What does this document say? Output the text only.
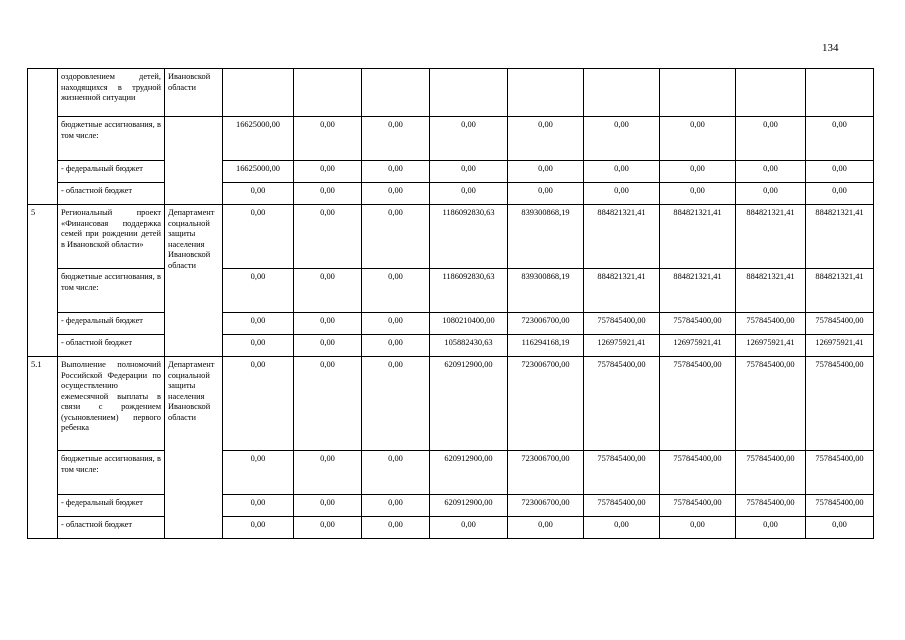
134
	оздоровлением детей, находящихся в трудной жизненной ситуации	Ивановской области									
	бюджетные ассигнования, в том числе:		16625000,00	0,00	0,00	0,00	0,00	0,00	0,00	0,00	0,00
	- федеральный бюджет		16625000,00	0,00	0,00	0,00	0,00	0,00	0,00	0,00	0,00
	- областной бюджет		0,00	0,00	0,00	0,00	0,00	0,00	0,00	0,00	0,00
5	Региональный проект «Финансовая поддержка семей при рождении детей в Ивановской области»	Департамент социальной защиты населения Ивановской области	0,00	0,00	0,00	1186092830,63	839300868,19	884821321,41	884821321,41	884821321,41	884821321,41
	бюджетные ассигнования, в том числе:		0,00	0,00	0,00	1186092830,63	839300868,19	884821321,41	884821321,41	884821321,41	884821321,41
	- федеральный бюджет		0,00	0,00	0,00	1080210400,00	723006700,00	757845400,00	757845400,00	757845400,00	757845400,00
	- областной бюджет		0,00	0,00	0,00	105882430,63	116294168,19	126975921,41	126975921,41	126975921,41	126975921,41
5.1	Выполнение полномочий Российской Федерации по осуществлению ежемесячной выплаты в связи с рождением (усыновлением) первого ребенка	Департамент социальной защиты населения Ивановской области	0,00	0,00	0,00	620912900,00	723006700,00	757845400,00	757845400,00	757845400,00	757845400,00
	бюджетные ассигнования, в том числе:		0,00	0,00	0,00	620912900,00	723006700,00	757845400,00	757845400,00	757845400,00	757845400,00
	- федеральный бюджет		0,00	0,00	0,00	620912900,00	723006700,00	757845400,00	757845400,00	757845400,00	757845400,00
	- областной бюджет		0,00	0,00	0,00	0,00	0,00	0,00	0,00	0,00	0,00
